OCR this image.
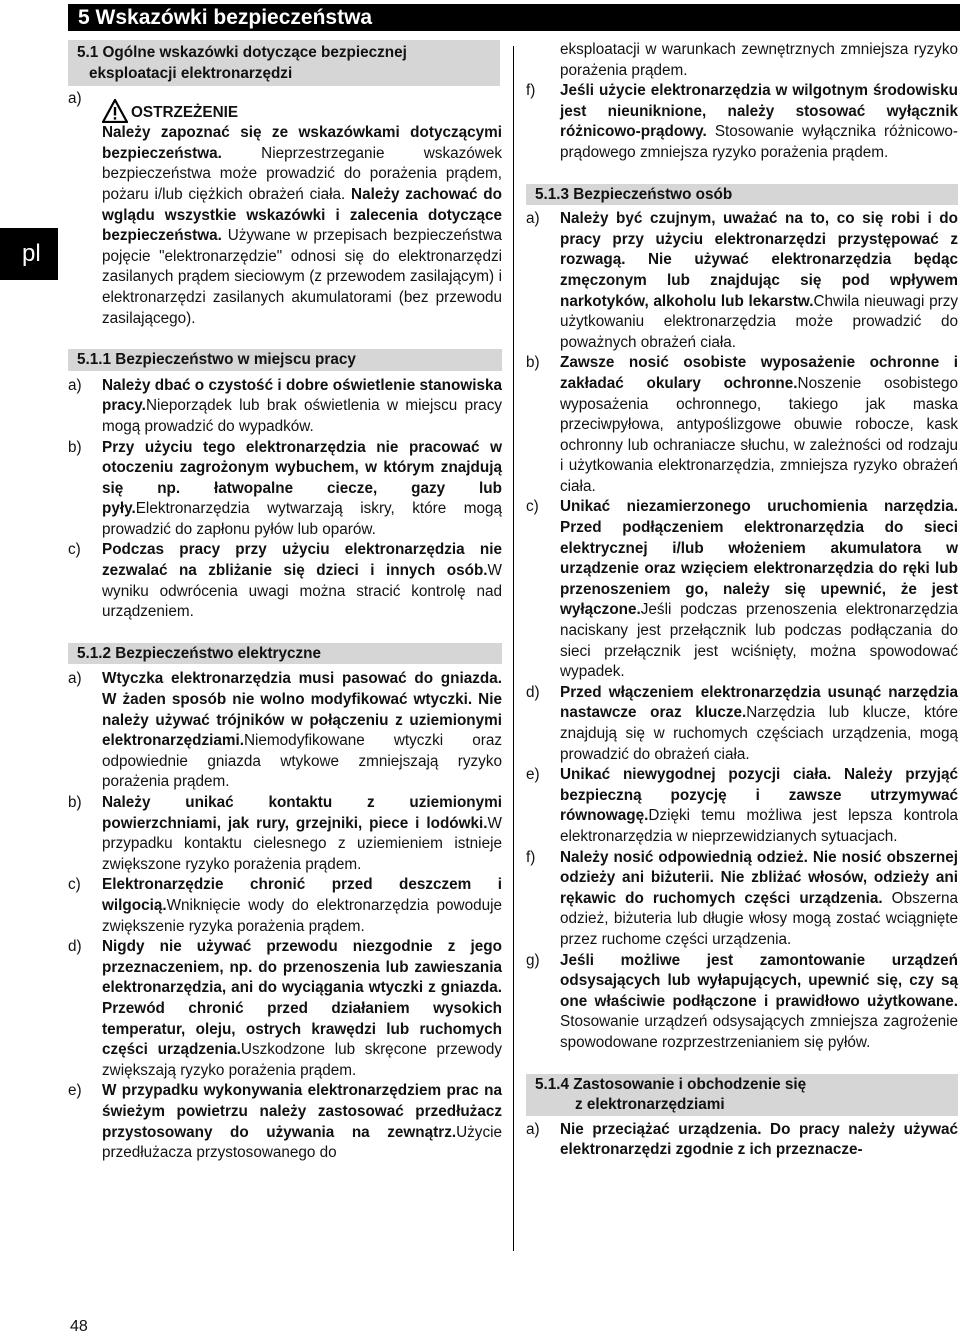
5 Wskazówki bezpieczeństwa
pl
5.1 Ogólne wskazówki dotyczące bezpiecznej
eksploatacji elektronarzędzi
a)
OSTRZEŻENIE
Należy zapoznać się ze wskazówkami dotyczącymi bezpieczeństwa. Nieprzestrzeganie wskazówek bezpieczeństwa może prowadzić do porażenia prądem, pożaru i/lub ciężkich obrażeń ciała. Należy zachować do wglądu wszystkie wskazówki i zalecenia dotyczące bezpieczeństwa. Używane w przepisach bezpieczeństwa pojęcie "elektronarzędzie" odnosi się do elektronarzędzi zasilanych prądem sieciowym (z przewodem zasilającym) i elektronarzędzi zasilanych akumulatorami (bez przewodu zasilającego).
5.1.1 Bezpieczeństwo w miejscu pracy
a)	Należy dbać o czystość i dobre oświetlenie stanowiska pracy.Nieporządek lub brak oświetlenia w miejscu pracy mogą prowadzić do wypadków.
b)	Przy użyciu tego elektronarzędzia nie pracować w otoczeniu zagrożonym wybuchem, w którym znajdują się np. łatwopalne ciecze, gazy lub pyły.Elektronarzędzia wytwarzają iskry, które mogą prowadzić do zapłonu pyłów lub oparów.
c)	Podczas pracy przy użyciu elektronarzędzia nie zezwalać na zbliżanie się dzieci i innych osób.W wyniku odwrócenia uwagi można stracić kontrolę nad urządzeniem.
5.1.2 Bezpieczeństwo elektryczne
a)	Wtyczka elektronarzędzia musi pasować do gniazda. W żaden sposób nie wolno modyfikować wtyczki. Nie należy używać trójników w połączeniu z uziemionymi elektronarzędziami.Niemodyfikowane wtyczki oraz odpowiednie gniazda wtykowe zmniejszają ryzyko porażenia prądem.
b)	Należy unikać kontaktu z uziemionymi powierzchniami, jak rury, grzejniki, piece i lodówki.W przypadku kontaktu cielesnego z uziemieniem istnieje zwiększone ryzyko porażenia prądem.
c)	Elektronarzędzie chronić przed deszczem i wilgocią.Wniknięcie wody do elektronarzędzia powoduje zwiększenie ryzyka porażenia prądem.
d)	Nigdy nie używać przewodu niezgodnie z jego przeznaczeniem, np. do przenoszenia lub zawieszania elektronarzędzia, ani do wyciągania wtyczki z gniazda. Przewód chronić przed działaniem wysokich temperatur, oleju, ostrych krawędzi lub ruchomych części urządzenia.Uszkodzone lub skręcone przewody zwiększają ryzyko porażenia prądem.
e)	W przypadku wykonywania elektronarzędziem prac na świeżym powietrzu należy zastosować przedłużacz przystosowany do używania na zewnątrz.Użycie przedłużacza przystosowanego do
eksploatacji w warunkach zewnętrznych zmniejsza ryzyko porażenia prądem.
f)	Jeśli użycie elektronarzędzia w wilgotnym środowisku jest nieuniknione, należy stosować wyłącznik różnicowo-prądowy. Stosowanie wyłącznika różnicowo-prądowego zmniejsza ryzyko porażenia prądem.
5.1.3 Bezpieczeństwo osób
a)	Należy być czujnym, uważać na to, co się robi i do pracy przy użyciu elektronarzędzi przystępować z rozwagą. Nie używać elektronarzędzia będąc zmęczonym lub znajdując się pod wpływem narkotyków, alkoholu lub lekarstw.Chwila nieuwagi przy użytkowaniu elektronarzędzia może prowadzić do poważnych obrażeń ciała.
b)	Zawsze nosić osobiste wyposażenie ochronne i zakładać okulary ochronne.Noszenie osobistego wyposażenia ochronnego, takiego jak maska przeciwpyłowa, antypoślizgowe obuwie robocze, kask ochronny lub ochraniacze słuchu, w zależności od rodzaju i użytkowania elektronarzędzia, zmniejsza ryzyko obrażeń ciała.
c)	Unikać niezamierzonego uruchomienia narzędzia. Przed podłączeniem elektronarzędzia do sieci elektrycznej i/lub włożeniem akumulatora w urządzenie oraz wzięciem elektronarzędzia do ręki lub przenoszeniem go, należy się upewnić, że jest wyłączone.Jeśli podczas przenoszenia elektronarzędzia naciskany jest przełącznik lub podczas podłączania do sieci przełącznik jest wciśnięty, można spowodować wypadek.
d)	Przed włączeniem elektronarzędzia usunąć narzędzia nastawcze oraz klucze.Narzędzia lub klucze, które znajdują się w ruchomych częściach urządzenia, mogą prowadzić do obrażeń ciała.
e)	Unikać niewygodnej pozycji ciała. Należy przyjąć bezpieczną pozycję i zawsze utrzymywać równowagę.Dzięki temu możliwa jest lepsza kontrola elektronarzędzia w nieprzewidzianych sytuacjach.
f)	Należy nosić odpowiednią odzież. Nie nosić obszernej odzieży ani biżuterii. Nie zbliżać włosów, odzieży ani rękawic do ruchomych części urządzenia. Obszerna odzież, biżuteria lub długie włosy mogą zostać wciągnięte przez ruchome części urządzenia.
g)	Jeśli możliwe jest zamontowanie urządzeń odsysających lub wyłapujących, upewnić się, czy są one właściwie podłączone i prawidłowo użytkowane. Stosowanie urządzeń odsysających zmniejsza zagrożenie spowodowane rozprzestrzenianiem się pyłów.
5.1.4 Zastosowanie i obchodzenie się
z elektronarzędziami
a)	Nie przeciążać urządzenia. Do pracy należy używać elektronarzędzi zgodnie z ich przeznacze-
48
